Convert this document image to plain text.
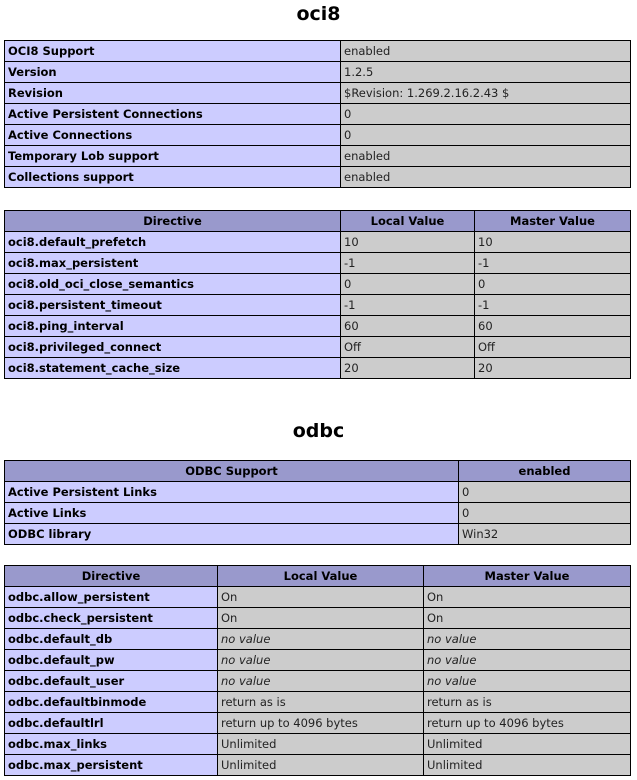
oci8
OCI8 Support	enabled
Version	1.2.5
Revision	$Revision: 1.269.2.16.2.43 $
Active Persistent Connections	0
Active Connections	0
Temporary Lob support	enabled
Collections support	enabled
Directive	Local Value	Master Value
oci8.default_prefetch	10	10
oci8.max_persistent	-1	-1
oci8.old_oci_close_semantics	0	0
oci8.persistent_timeout	-1	-1
oci8.ping_interval	60	60
oci8.privileged_connect	Off	Off
oci8.statement_cache_size	20	20
odbc
ODBC Support	enabled
Active Persistent Links	0
Active Links	0
ODBC library	Win32
Directive	Local Value	Master Value
odbc.allow_persistent	On	On
odbc.check_persistent	On	On
odbc.default_db	no value	no value
odbc.default_pw	no value	no value
odbc.default_user	no value	no value
odbc.defaultbinmode	return as is	return as is
odbc.defaultlrl	return up to 4096 bytes	return up to 4096 bytes
odbc.max_links	Unlimited	Unlimited
odbc.max_persistent	Unlimited	Unlimited
